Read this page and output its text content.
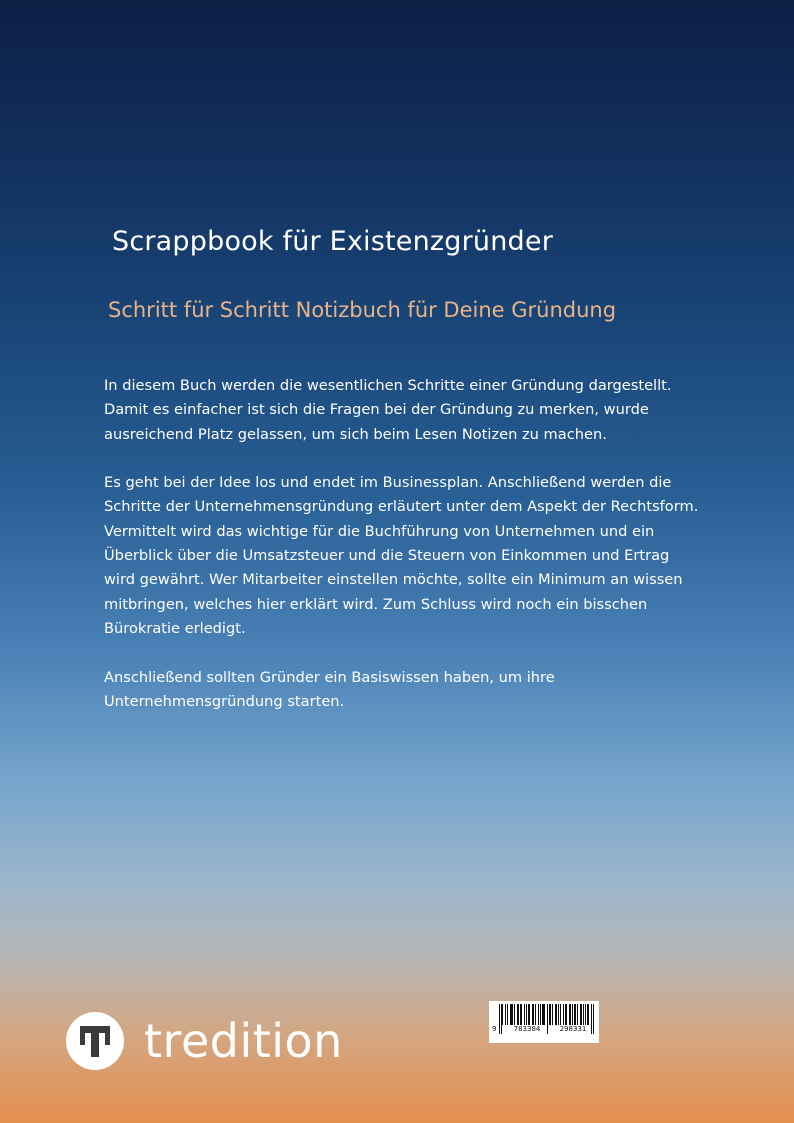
Scrappbook für Existenzgründer
Schritt für Schritt Notizbuch für Deine Gründung

In diesem Buch werden die wesentlichen Schritte einer Gründung dargestellt. Damit es einfacher ist sich die Fragen bei der Gründung zu merken, wurde ausreichend Platz gelassen, um sich beim Lesen Notizen zu machen.

Es geht bei der Idee los und endet im Businessplan. Anschließend werden die Schritte der Unternehmensgründung erläutert unter dem Aspekt der Rechtsform. Vermittelt wird das wichtige für die Buchführung von Unternehmen und ein Überblick über die Umsatzsteuer und die Steuern von Einkommen und Ertrag wird gewährt. Wer Mitarbeiter einstellen möchte, sollte ein Minimum an wissen mitbringen, welches hier erklärt wird. Zum Schluss wird noch ein bisschen Bürokratie erledigt.

Anschließend sollten Gründer ein Basiswissen haben, um ihre Unternehmensgründung starten.

tredition	9	783384	298331
